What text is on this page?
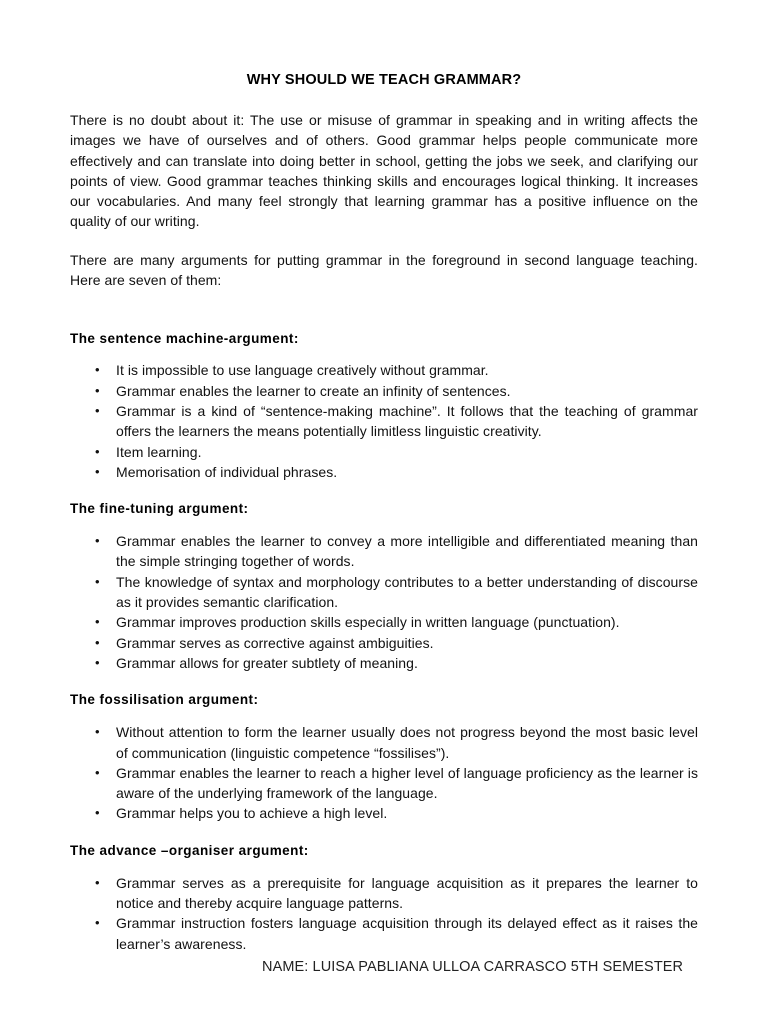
WHY SHOULD WE TEACH GRAMMAR?

There is no doubt about it: The use or misuse of grammar in speaking and in writing affects the images we have of ourselves and of others. Good grammar helps people communicate more effectively and can translate into doing better in school, getting the jobs we seek, and clarifying our points of view. Good grammar teaches thinking skills and encourages logical thinking. It increases our vocabularies. And many feel strongly that learning grammar has a positive influence on the quality of our writing.

There are many arguments for putting grammar in the foreground in second language teaching. Here are seven of them:

The sentence machine-argument:
• It is impossible to use language creatively without grammar.
• Grammar enables the learner to create an infinity of sentences.
• Grammar is a kind of “sentence-making machine”. It follows that the teaching of grammar offers the learners the means potentially limitless linguistic creativity.
• Item learning.
• Memorisation of individual phrases.
The fine-tuning argument:
• Grammar enables the learner to convey a more intelligible and differentiated meaning than the simple stringing together of words.
• The knowledge of syntax and morphology contributes to a better understanding of discourse as it provides semantic clarification.
• Grammar improves production skills especially in written language (punctuation).
• Grammar serves as corrective against ambiguities.
• Grammar allows for greater subtlety of meaning.
The fossilisation argument:
• Without attention to form the learner usually does not progress beyond the most basic level of communication (linguistic competence “fossilises”).
• Grammar enables the learner to reach a higher level of language proficiency as the learner is aware of the underlying framework of the language.
• Grammar helps you to achieve a high level.
The advance –organiser argument:
• Grammar serves as a prerequisite for language acquisition as it prepares the learner to notice and thereby acquire language patterns.
• Grammar instruction fosters language acquisition through its delayed effect as it raises the learner’s awareness.
NAME: LUISA PABLIANA ULLOA CARRASCO 5TH SEMESTER
